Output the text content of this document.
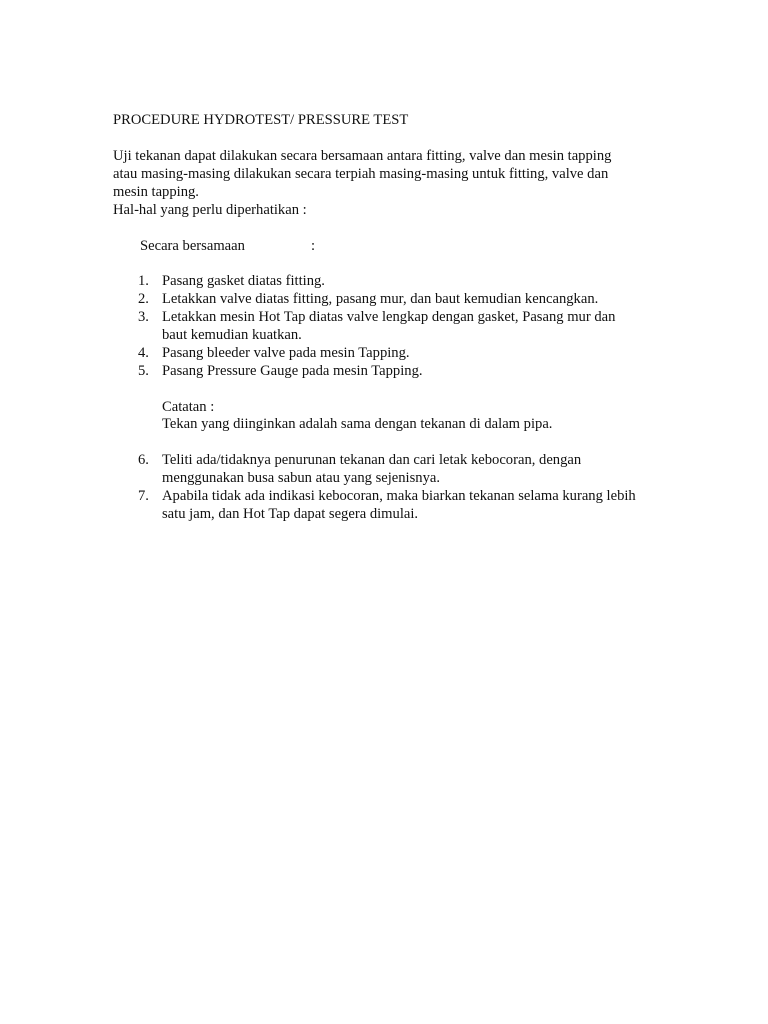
PROCEDURE HYDROTEST/ PRESSURE TEST
Uji tekanan dapat dilakukan secara bersamaan antara fitting, valve dan mesin tapping
atau masing-masing dilakukan secara terpiah masing-masing untuk fitting, valve dan
mesin tapping.
Hal-hal yang perlu diperhatikan :
Secara bersamaan	:
1. Pasang gasket diatas fitting.
2. Letakkan valve diatas fitting, pasang mur, dan baut kemudian kencangkan.
3. Letakkan mesin Hot Tap diatas valve lengkap dengan gasket, Pasang mur dan
baut kemudian kuatkan.
4. Pasang bleeder valve pada mesin Tapping.
5. Pasang Pressure Gauge pada mesin Tapping.
Catatan :
Tekan yang diinginkan adalah sama dengan tekanan di dalam pipa.
6. Teliti ada/tidaknya penurunan tekanan dan cari letak kebocoran, dengan
menggunakan busa sabun atau yang sejenisnya.
7. Apabila tidak ada indikasi kebocoran, maka biarkan tekanan selama kurang lebih
satu jam, dan Hot Tap dapat segera dimulai.
